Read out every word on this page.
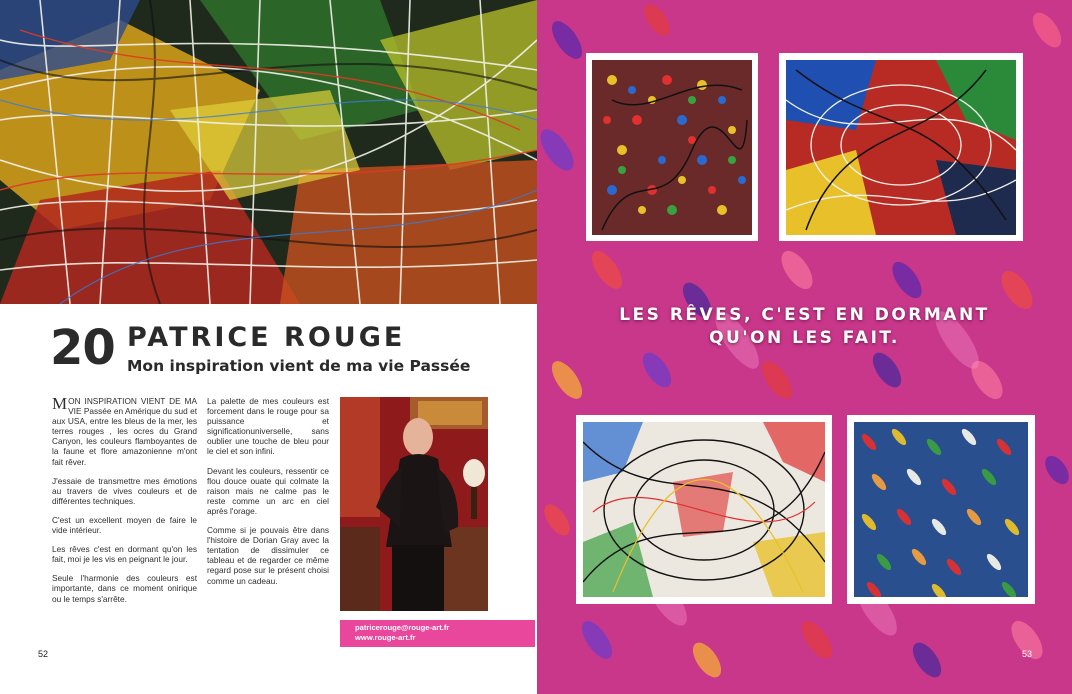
20 PATRICE ROUGE
Mon inspiration vient de ma vie Passée

MON INSPIRATION VIENT DE MA VIE Passée en Amérique du sud et aux USA, entre les bleus de la mer, les terres rouges , les ocres du Grand Canyon, les couleurs flamboyantes de la faune et flore amazonienne m'ont fait rêver.

J'essaie de transmettre mes émotions au travers de vives couleurs et de différentes techniques.

C'est un excellent moyen de faire le vide intérieur.

Les rêves c'est en dormant qu'on les fait, moi je les vis en peignant le jour.

Seule l'harmonie des couleurs est importante, dans ce moment onirique ou le temps s'arrête.

La palette de mes couleurs est forcement dans le rouge pour sa puissance et significationuniverselle, sans oublier une touche de bleu pour le ciel et son infini.

Devant les couleurs, ressentir ce flou douce ouate qui colmate la raison mais ne calme pas le reste comme un arc en ciel après l'orage.

Comme si je pouvais être dans l'histoire de Dorian Gray avec la tentation de dissimuler ce tableau et de regarder ce même regard pose sur le présent choisi comme un cadeau.

patricerouge@rouge-art.fr
www.rouge-art.fr
52
LES RÊVES, C'EST EN DORMANT
QU'ON LES FAIT.
53
